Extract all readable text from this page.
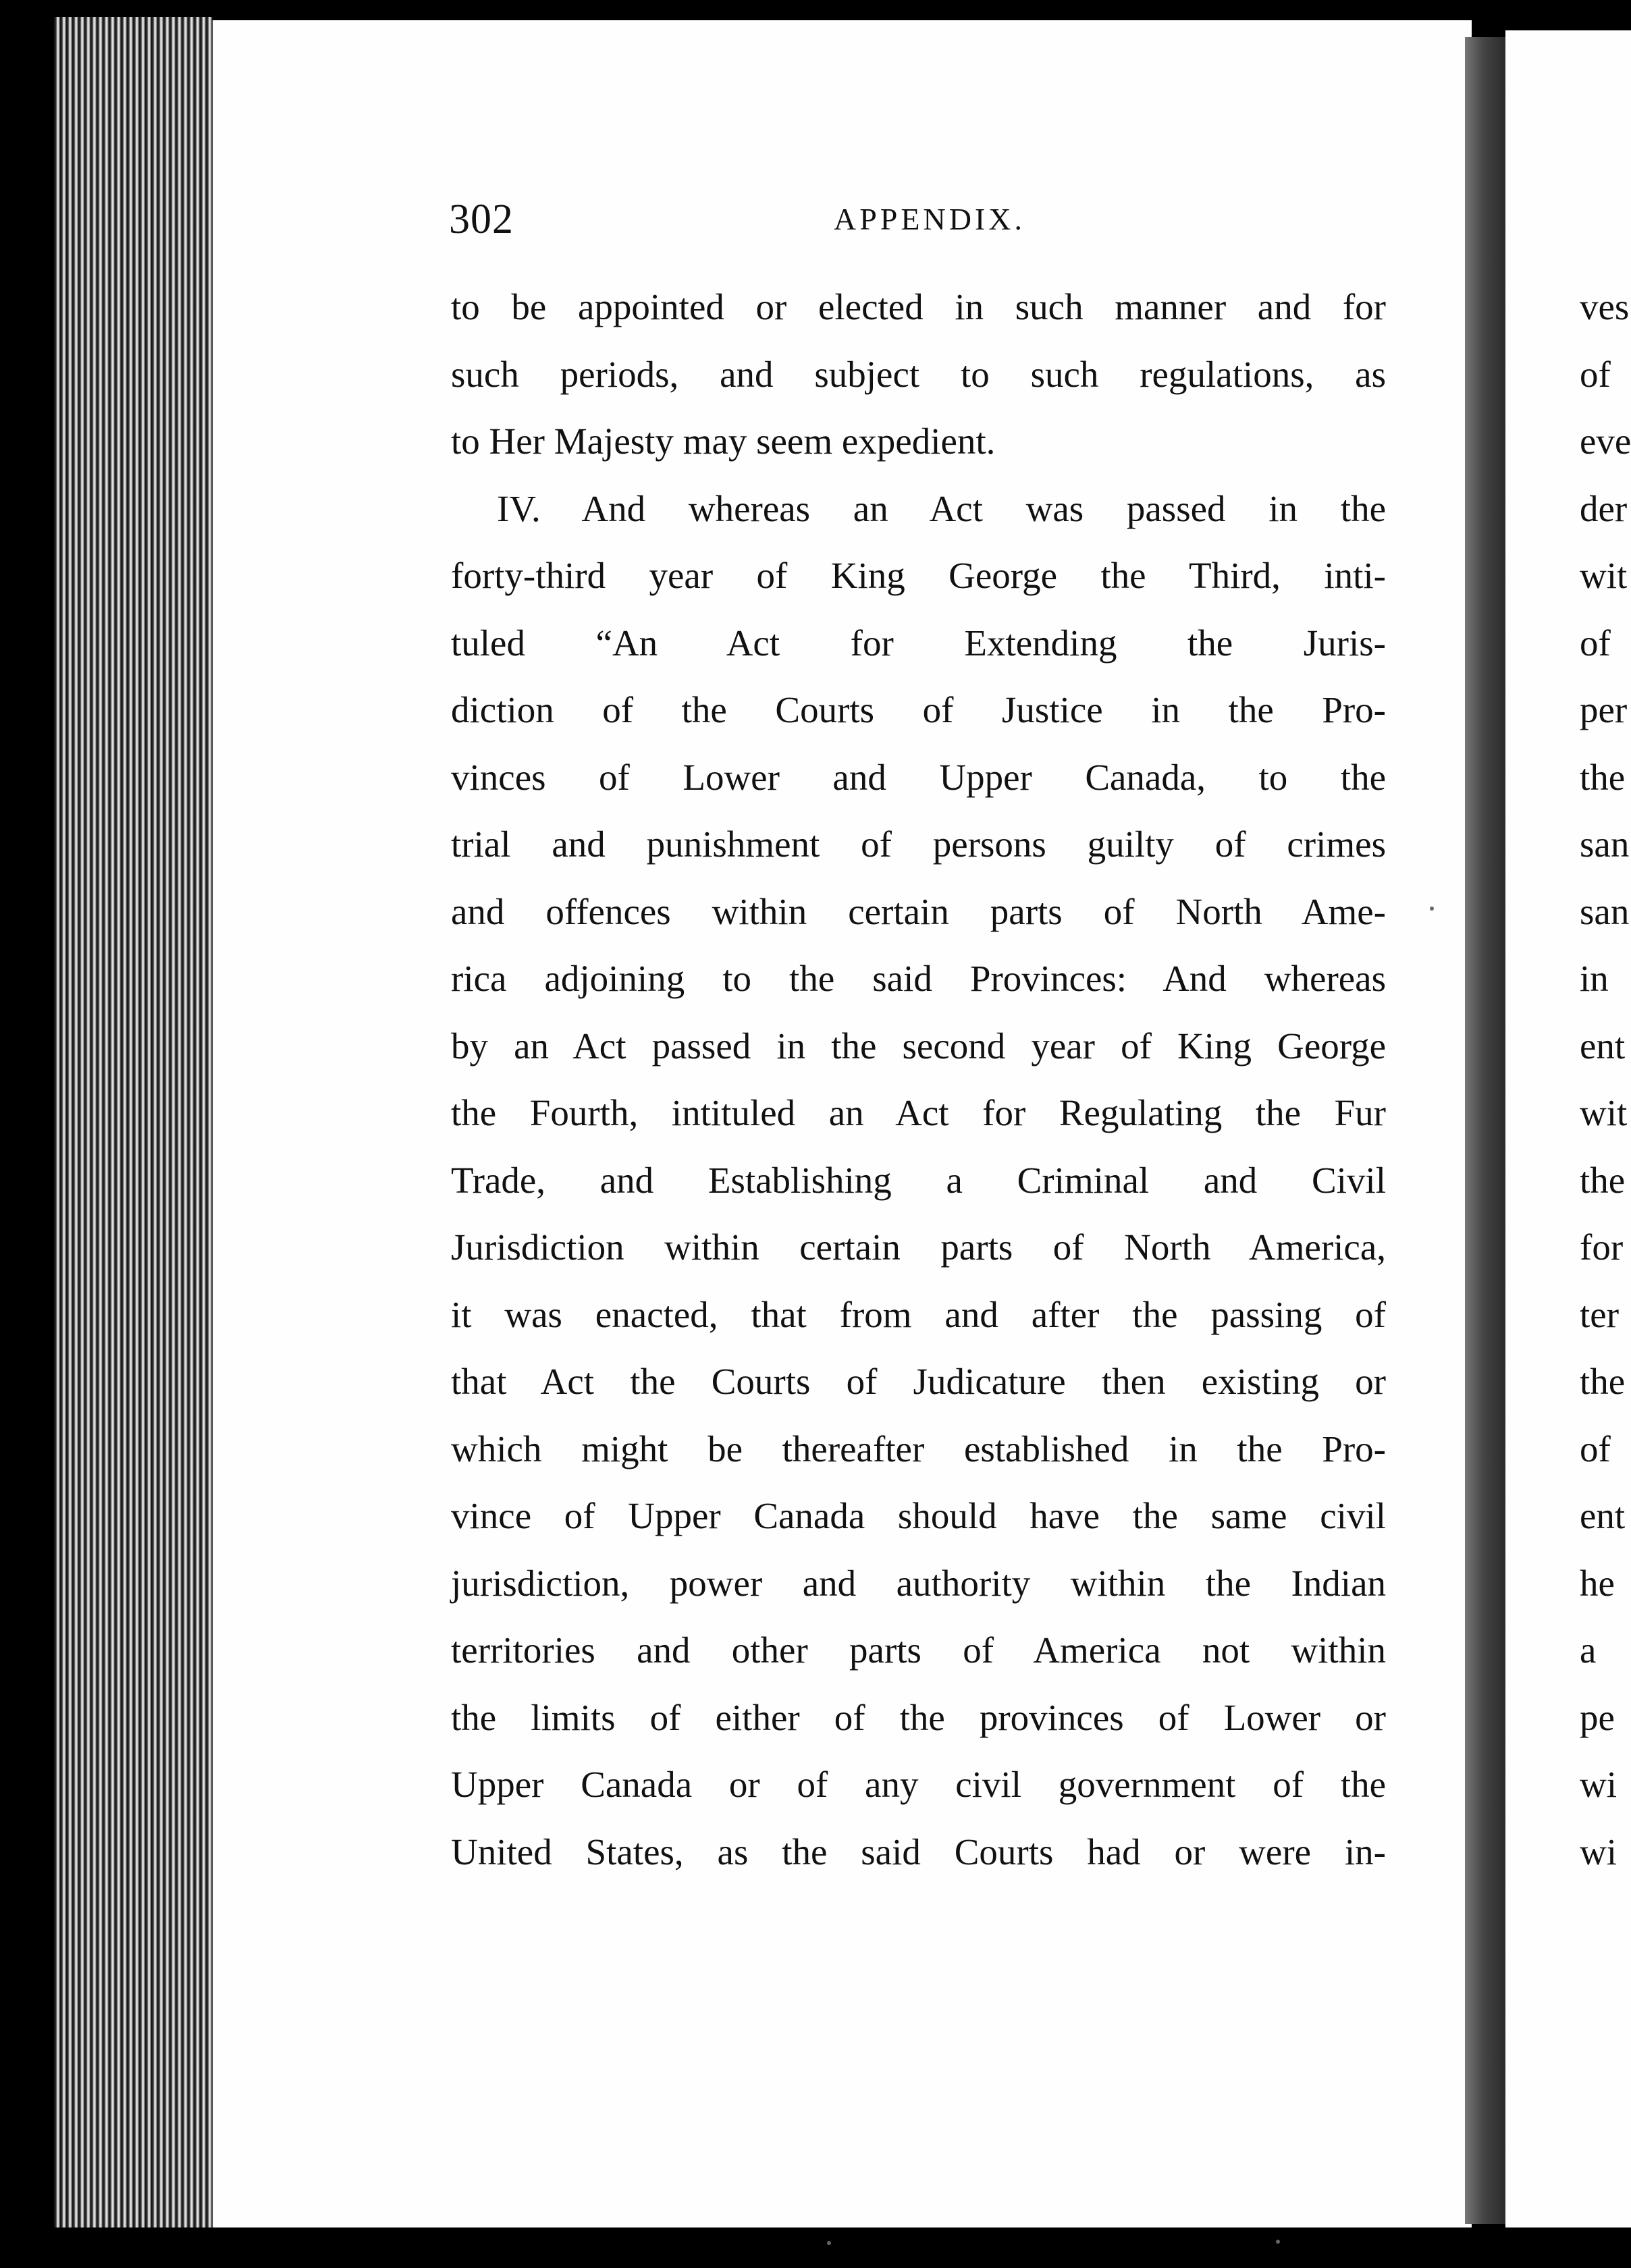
302	APPENDIX.
to be appointed or elected in such manner and for
such periods, and subject to such regulations, as
to Her Majesty may seem expedient.
IV. And whereas an Act was passed in the
forty-third year of King George the Third, inti-
tuled “An Act for Extending the Juris-
diction of the Courts of Justice in the Pro-
vinces of Lower and Upper Canada, to the
trial and punishment of persons guilty of crimes
and offences within certain parts of North Ame-
rica adjoining to the said Provinces: And whereas
by an Act passed in the second year of King George
the Fourth, intituled an Act for Regulating the Fur
Trade, and Establishing a Criminal and Civil
Jurisdiction within certain parts of North America,
it was enacted, that from and after the passing of
that Act the Courts of Judicature then existing or
which might be thereafter established in the Pro-
vince of Upper Canada should have the same civil
jurisdiction, power and authority within the Indian
territories and other parts of America not within
the limits of either of the provinces of Lower or
Upper Canada or of any civil government of the
United States, as the said Courts had or were in-
ves
of
eve
der
wit
of
per
the
san
san
in
ent
wit
the
for
ter
the
of
ent
he
a
pe
wi
wi
